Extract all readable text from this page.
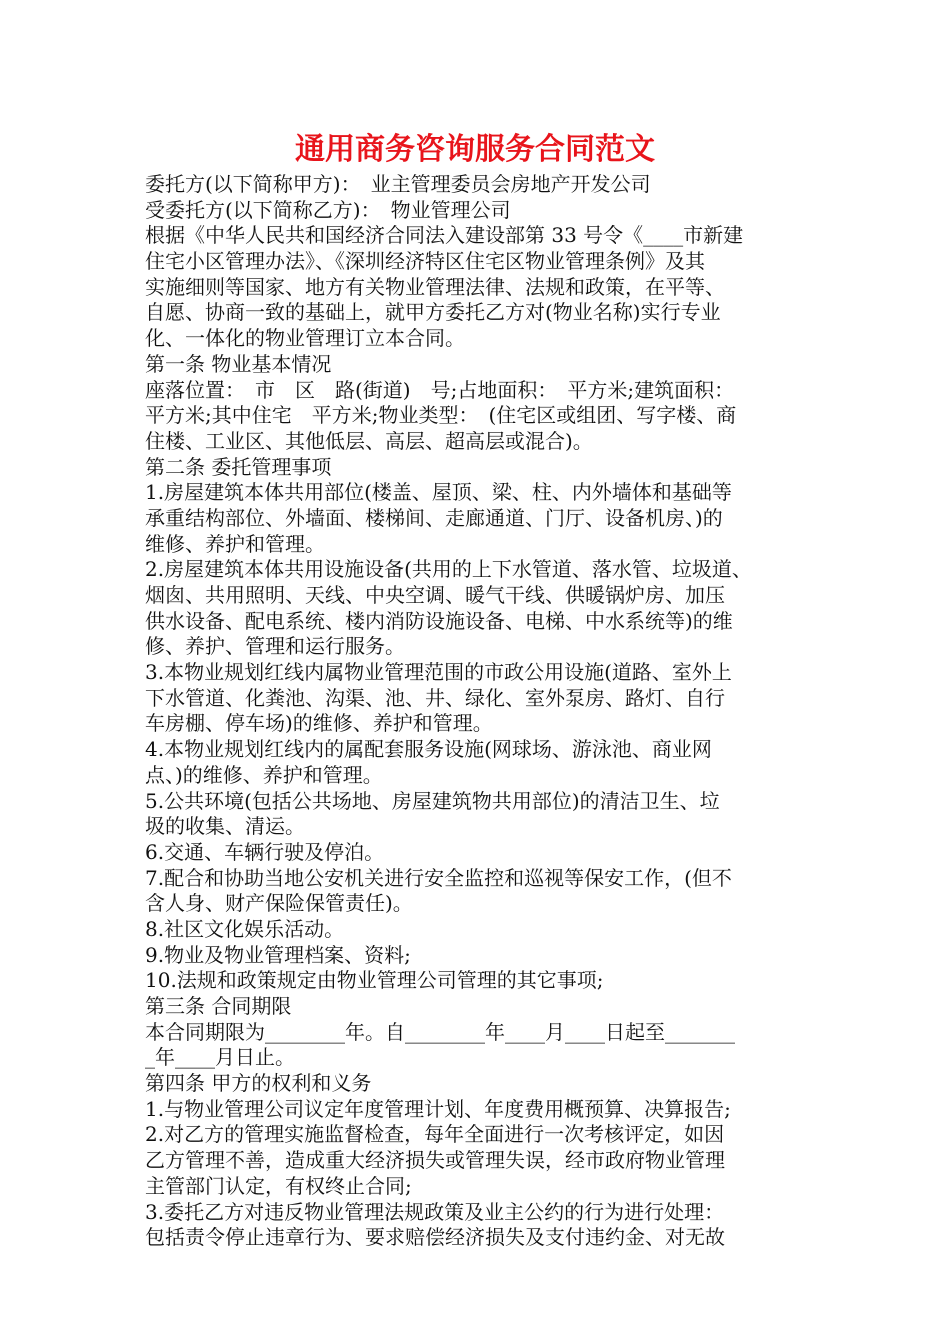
通用商务咨询服务合同范文
委托方(以下简称甲方)：　业主管理委员会房地产开发公司
受委托方(以下简称乙方)：　物业管理公司
根据《中华人民共和国经济合同法入建设部第 33 号令《____市新建
住宅小区管理办法》、《深圳经济特区住宅区物业管理条例》及其
实施细则等国家、地方有关物业管理法律、法规和政策，在平等、
自愿、协商一致的基础上，就甲方委托乙方对(物业名称)实行专业
化、一体化的物业管理订立本合同。
第一条 物业基本情况
座落位置：　市　区　路(街道)　号;占地面积：　平方米;建筑面积：
平方米;其中住宅　平方米;物业类型：　(住宅区或组团、写字楼、商
住楼、工业区、其他低层、高层、超高层或混合)。
第二条 委托管理事项
1.房屋建筑本体共用部位(楼盖、屋顶、梁、柱、内外墙体和基础等
承重结构部位、外墙面、楼梯间、走廊通道、门厅、设备机房、)的
维修、养护和管理。
2.房屋建筑本体共用设施设备(共用的上下水管道、落水管、垃圾道、
烟囱、共用照明、天线、中央空调、暖气干线、供暖锅炉房、加压
供水设备、配电系统、楼内消防设施设备、电梯、中水系统等)的维
修、养护、管理和运行服务。
3.本物业规划红线内属物业管理范围的市政公用设施(道路、室外上
下水管道、化粪池、沟渠、池、井、绿化、室外泵房、路灯、自行
车房棚、停车场)的维修、养护和管理。
4.本物业规划红线内的属配套服务设施(网球场、游泳池、商业网
点、)的维修、养护和管理。
5.公共环境(包括公共场地、房屋建筑物共用部位)的清洁卫生、垃
圾的收集、清运。
6.交通、车辆行驶及停泊。
7.配合和协助当地公安机关进行安全监控和巡视等保安工作，(但不
含人身、财产保险保管责任)。
8.社区文化娱乐活动。
9.物业及物业管理档案、资料;
10.法规和政策规定由物业管理公司管理的其它事项;
第三条 合同期限
本合同期限为________年。自________年____月____日起至_______
_年____月日止。
第四条 甲方的权利和义务
1.与物业管理公司议定年度管理计划、年度费用概预算、决算报告;
2.对乙方的管理实施监督检查，每年全面进行一次考核评定，如因
乙方管理不善，造成重大经济损失或管理失误，经市政府物业管理
主管部门认定，有权终止合同;
3.委托乙方对违反物业管理法规政策及业主公约的行为进行处理：
包括责令停止违章行为、要求赔偿经济损失及支付违约金、对无故
